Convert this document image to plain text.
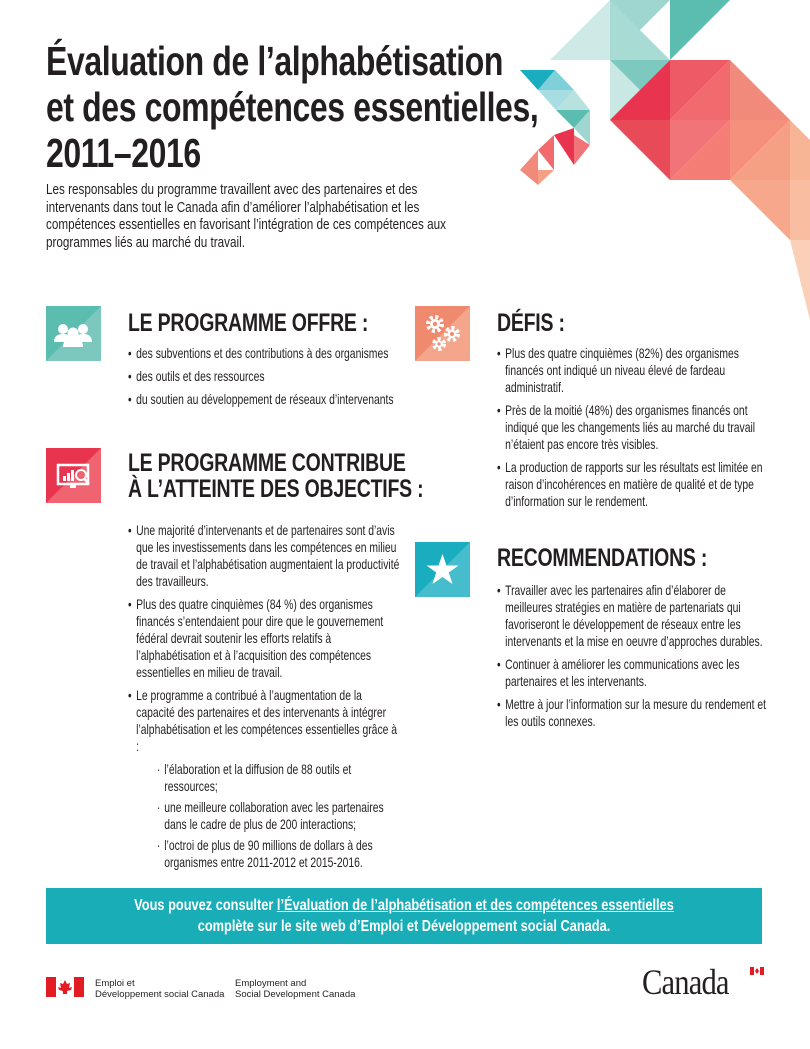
Évaluation de l’alphabétisation
et des compétences essentielles,
2011–2016
Les responsables du programme travaillent avec des partenaires et des intervenants dans tout le Canada afin d’améliorer l’alphabétisation et les compétences essentielles en favorisant l’intégration de ces compétences aux programmes liés au marché du travail.
LE PROGRAMME OFFRE :
• des subventions et des contributions à des organismes
• des outils et des ressources
• du soutien au développement de réseaux d’intervenants
LE PROGRAMME CONTRIBUE
À L’ATTEINTE DES OBJECTIFS :
• Une majorité d’intervenants et de partenaires sont d’avis que les investissements dans les compétences en milieu de travail et l’alphabétisation augmentaient la productivité des travailleurs.
• Plus des quatre cinquièmes (84 %) des organismes financés s’entendaient pour dire que le gouvernement fédéral devrait soutenir les efforts relatifs à l’alphabétisation et à l’acquisition des compétences essentielles en milieu de travail.
• Le programme a contribué à l’augmentation de la capacité des partenaires et des intervenants à intégrer l’alphabétisation et les compétences essentielles grâce à :
· l’élaboration et la diffusion de 88 outils et ressources;
· une meilleure collaboration avec les partenaires dans le cadre de plus de 200 interactions;
· l’octroi de plus de 90 millions de dollars à des organismes entre 2011-2012 et 2015-2016.
DÉFIS :
• Plus des quatre cinquièmes (82%) des organismes financés ont indiqué un niveau élevé de fardeau administratif.
• Près de la moitié (48%) des organismes financés ont indiqué que les changements liés au marché du travail n’étaient pas encore très visibles.
• La production de rapports sur les résultats est limitée en raison d’incohérences en matière de qualité et de type d’information sur le rendement.
RECOMMENDATIONS :
• Travailler avec les partenaires afin d’élaborer de meilleures stratégies en matière de partenariats qui favoriseront le développement de réseaux entre les intervenants et la mise en oeuvre d’approches durables.
• Continuer à améliorer les communications avec les partenaires et les intervenants.
• Mettre à jour l’information sur la mesure du rendement et les outils connexes.
Vous pouvez consulter l’Évaluation de l’alphabétisation et des compétences essentielles
complète sur le site web d’Emploi et Développement social Canada.
Emploi et
Développement social Canada
Employment and
Social Development Canada	Canada
